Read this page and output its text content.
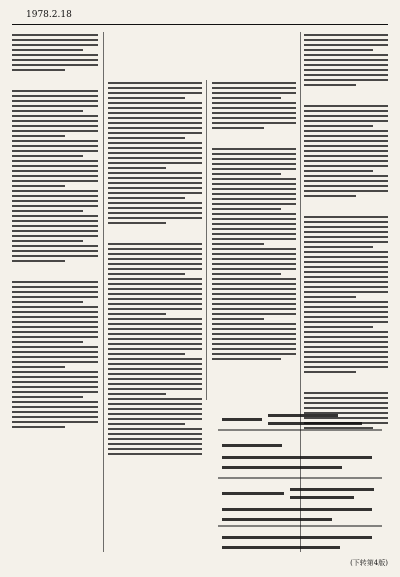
1978.2.18
(下转第4版)
